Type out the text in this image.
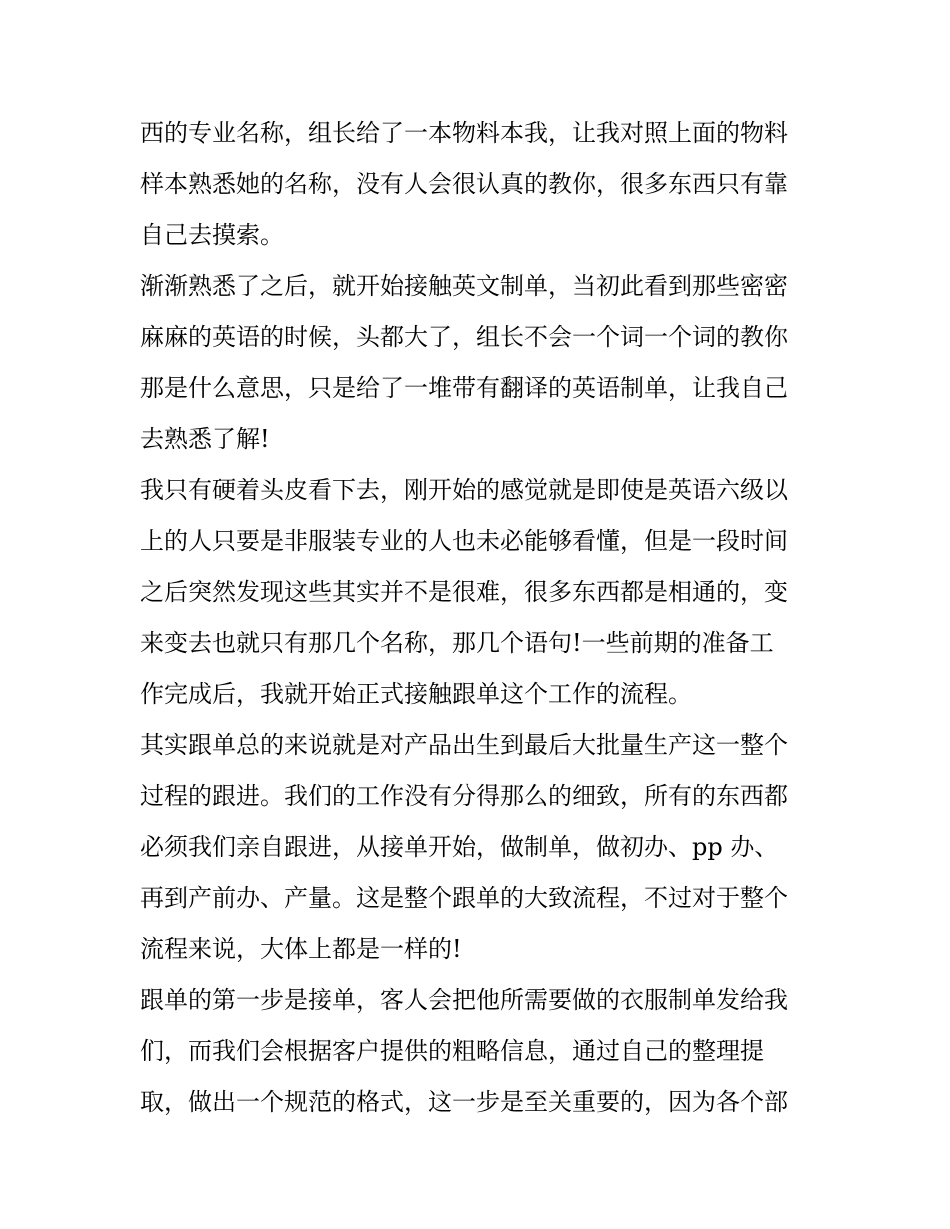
西的专业名称，组长给了一本物料本我，让我对照上面的物料
样本熟悉她的名称，没有人会很认真的教你，很多东西只有靠
自己去摸索。
渐渐熟悉了之后，就开始接触英文制单，当初此看到那些密密
麻麻的英语的时候，头都大了，组长不会一个词一个词的教你
那是什么意思，只是给了一堆带有翻译的英语制单，让我自己
去熟悉了解!
我只有硬着头皮看下去，刚开始的感觉就是即使是英语六级以
上的人只要是非服装专业的人也未必能够看懂，但是一段时间
之后突然发现这些其实并不是很难，很多东西都是相通的，变
来变去也就只有那几个名称，那几个语句!一些前期的准备工
作完成后，我就开始正式接触跟单这个工作的流程。
其实跟单总的来说就是对产品出生到最后大批量生产这一整个
过程的跟进。我们的工作没有分得那么的细致，所有的东西都
必须我们亲自跟进，从接单开始，做制单，做初办、pp 办、
再到产前办、产量。这是整个跟单的大致流程，不过对于整个
流程来说，大体上都是一样的!
跟单的第一步是接单，客人会把他所需要做的衣服制单发给我
们，而我们会根据客户提供的粗略信息，通过自己的整理提
取，做出一个规范的格式，这一步是至关重要的，因为各个部
